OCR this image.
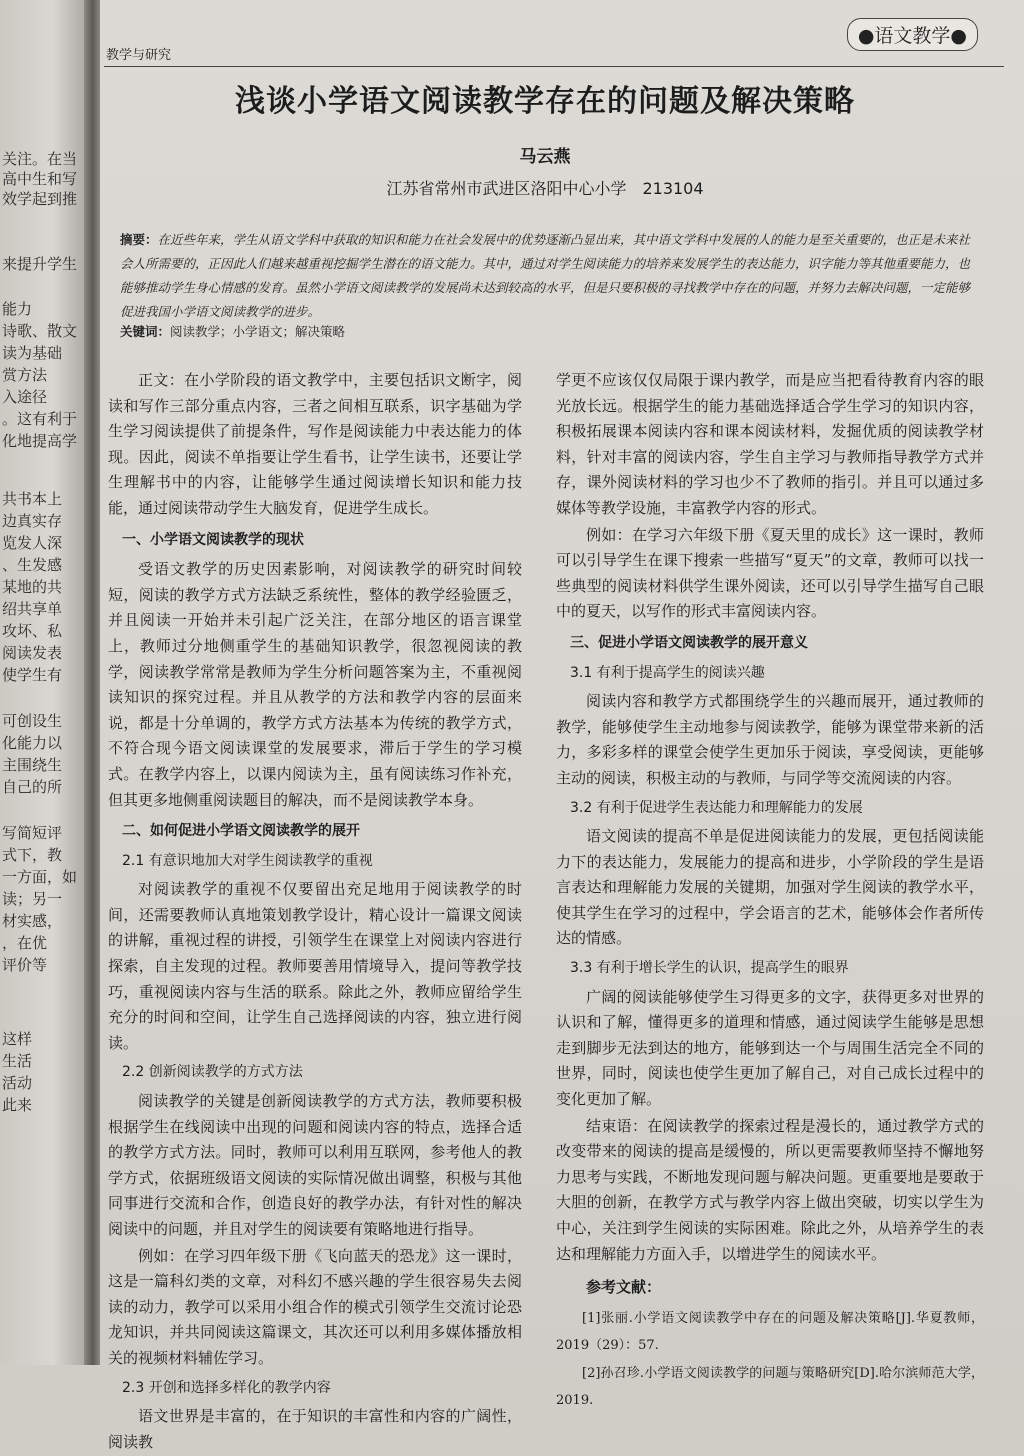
关注。在当
高中生和写
效学起到推
来提升学生
能力
诗歌、散文
读为基础
赏方法
入途径
。这有利于
化地提高学
共书本上
边真实存
览发人深
、生发感
某地的共
绍共享单
攻坏、私
阅读发表
使学生有
可创设生
化能力以
主围绕生
自己的所
写简短评
式下，教
一方面，如
读；另一
材实感，
，在优
评价等
这样
生活
活动
此来
●语文教学●
教学与研究
浅谈小学语文阅读教学存在的问题及解决策略
马云燕
江苏省常州市武进区洛阳中心小学　213104
摘要：在近些年来，学生从语文学科中获取的知识和能力在社会发展中的优势逐渐凸显出来，其中语文学科中发展的人的能力是至关重要的，也正是未来社会人所需要的，正因此人们越来越重视挖掘学生潜在的语文能力。其中，通过对学生阅读能力的培养来发展学生的表达能力，识字能力等其他重要能力，也能够推动学生身心情感的发育。虽然小学语文阅读教学的发展尚未达到较高的水平，但是只要积极的寻找教学中存在的问题，并努力去解决问题，一定能够促进我国小学语文阅读教学的进步。
关键词：阅读教学；小学语文；解决策略

正文：在小学阶段的语文教学中，主要包括识文断字，阅读和写作三部分重点内容，三者之间相互联系，识字基础为学生学习阅读提供了前提条件，写作是阅读能力中表达能力的体现。因此，阅读不单指要让学生看书，让学生读书，还要让学生理解书中的内容，让能够学生通过阅读增长知识和能力技能，通过阅读带动学生大脑发育，促进学生成长。

一、小学语文阅读教学的现状

受语文教学的历史因素影响，对阅读教学的研究时间较短，阅读的教学方式方法缺乏系统性，整体的教学经验匮乏，并且阅读一开始并未引起广泛关注，在部分地区的语言课堂上，教师过分地侧重学生的基础知识教学，很忽视阅读的教学，阅读教学常常是教师为学生分析问题答案为主，不重视阅读知识的探究过程。并且从教学的方法和教学内容的层面来说，都是十分单调的，教学方式方法基本为传统的教学方式，不符合现今语文阅读课堂的发展要求，滞后于学生的学习模式。在教学内容上，以课内阅读为主，虽有阅读练习作补充，但其更多地侧重阅读题目的解决，而不是阅读教学本身。

二、如何促进小学语文阅读教学的展开
2.1 有意识地加大对学生阅读教学的重视

对阅读教学的重视不仅要留出充足地用于阅读教学的时间，还需要教师认真地策划教学设计，精心设计一篇课文阅读的讲解，重视过程的讲授，引领学生在课堂上对阅读内容进行探索，自主发现的过程。教师要善用情境导入，提问等教学技巧，重视阅读内容与生活的联系。除此之外，教师应留给学生充分的时间和空间，让学生自己选择阅读的内容，独立进行阅读。

2.2 创新阅读教学的方式方法

阅读教学的关键是创新阅读教学的方式方法，教师要积极根据学生在线阅读中出现的问题和阅读内容的特点，选择合适的教学方式方法。同时，教师可以利用互联网，参考他人的教学方式，依据班级语文阅读的实际情况做出调整，积极与其他同事进行交流和合作，创造良好的教学办法，有针对性的解决阅读中的问题，并且对学生的阅读要有策略地进行指导。

例如：在学习四年级下册《飞向蓝天的恐龙》这一课时，这是一篇科幻类的文章，对科幻不感兴趣的学生很容易失去阅读的动力，教学可以采用小组合作的模式引领学生交流讨论恐龙知识，并共同阅读这篇课文，其次还可以利用多媒体播放相关的视频材料辅佐学习。

2.3 开创和选择多样化的教学内容

语文世界是丰富的，在于知识的丰富性和内容的广阔性，阅读教

学更不应该仅仅局限于课内教学，而是应当把看待教育内容的眼光放长远。根据学生的能力基础选择适合学生学习的知识内容，积极拓展课本阅读内容和课本阅读材料，发掘优质的阅读教学材料，针对丰富的阅读内容，学生自主学习与教师指导教学方式并存，课外阅读材料的学习也少不了教师的指引。并且可以通过多媒体等教学设施，丰富教学内容的形式。

例如：在学习六年级下册《夏天里的成长》这一课时，教师可以引导学生在课下搜索一些描写“夏天”的文章，教师可以找一些典型的阅读材料供学生课外阅读，还可以引导学生描写自己眼中的夏天，以写作的形式丰富阅读内容。

三、促进小学语文阅读教学的展开意义
3.1 有利于提高学生的阅读兴趣

阅读内容和教学方式都围绕学生的兴趣而展开，通过教师的教学，能够使学生主动地参与阅读教学，能够为课堂带来新的活力，多彩多样的课堂会使学生更加乐于阅读，享受阅读，更能够主动的阅读，积极主动的与教师，与同学等交流阅读的内容。

3.2 有利于促进学生表达能力和理解能力的发展

语文阅读的提高不单是促进阅读能力的发展，更包括阅读能力下的表达能力，发展能力的提高和进步，小学阶段的学生是语言表达和理解能力发展的关键期，加强对学生阅读的教学水平，使其学生在学习的过程中，学会语言的艺术，能够体会作者所传达的情感。

3.3 有利于增长学生的认识，提高学生的眼界

广阔的阅读能够使学生习得更多的文字，获得更多对世界的认识和了解，懂得更多的道理和情感，通过阅读学生能够是思想走到脚步无法到达的地方，能够到达一个与周围生活完全不同的世界，同时，阅读也使学生更加了解自己，对自己成长过程中的变化更加了解。

结束语：在阅读教学的探索过程是漫长的，通过教学方式的改变带来的阅读的提高是缓慢的，所以更需要教师坚持不懈地努力思考与实践，不断地发现问题与解决问题。更重要地是要敢于大胆的创新，在教学方式与教学内容上做出突破，切实以学生为中心，关注到学生阅读的实际困难。除此之外，从培养学生的表达和理解能力方面入手，以增进学生的阅读水平。

参考文献：

[1]张丽.小学语文阅读教学中存在的问题及解决策略[J].华夏教师，2019（29）：57.

[2]孙召珍.小学语文阅读教学的问题与策略研究[D].哈尔滨师范大学，2019.
